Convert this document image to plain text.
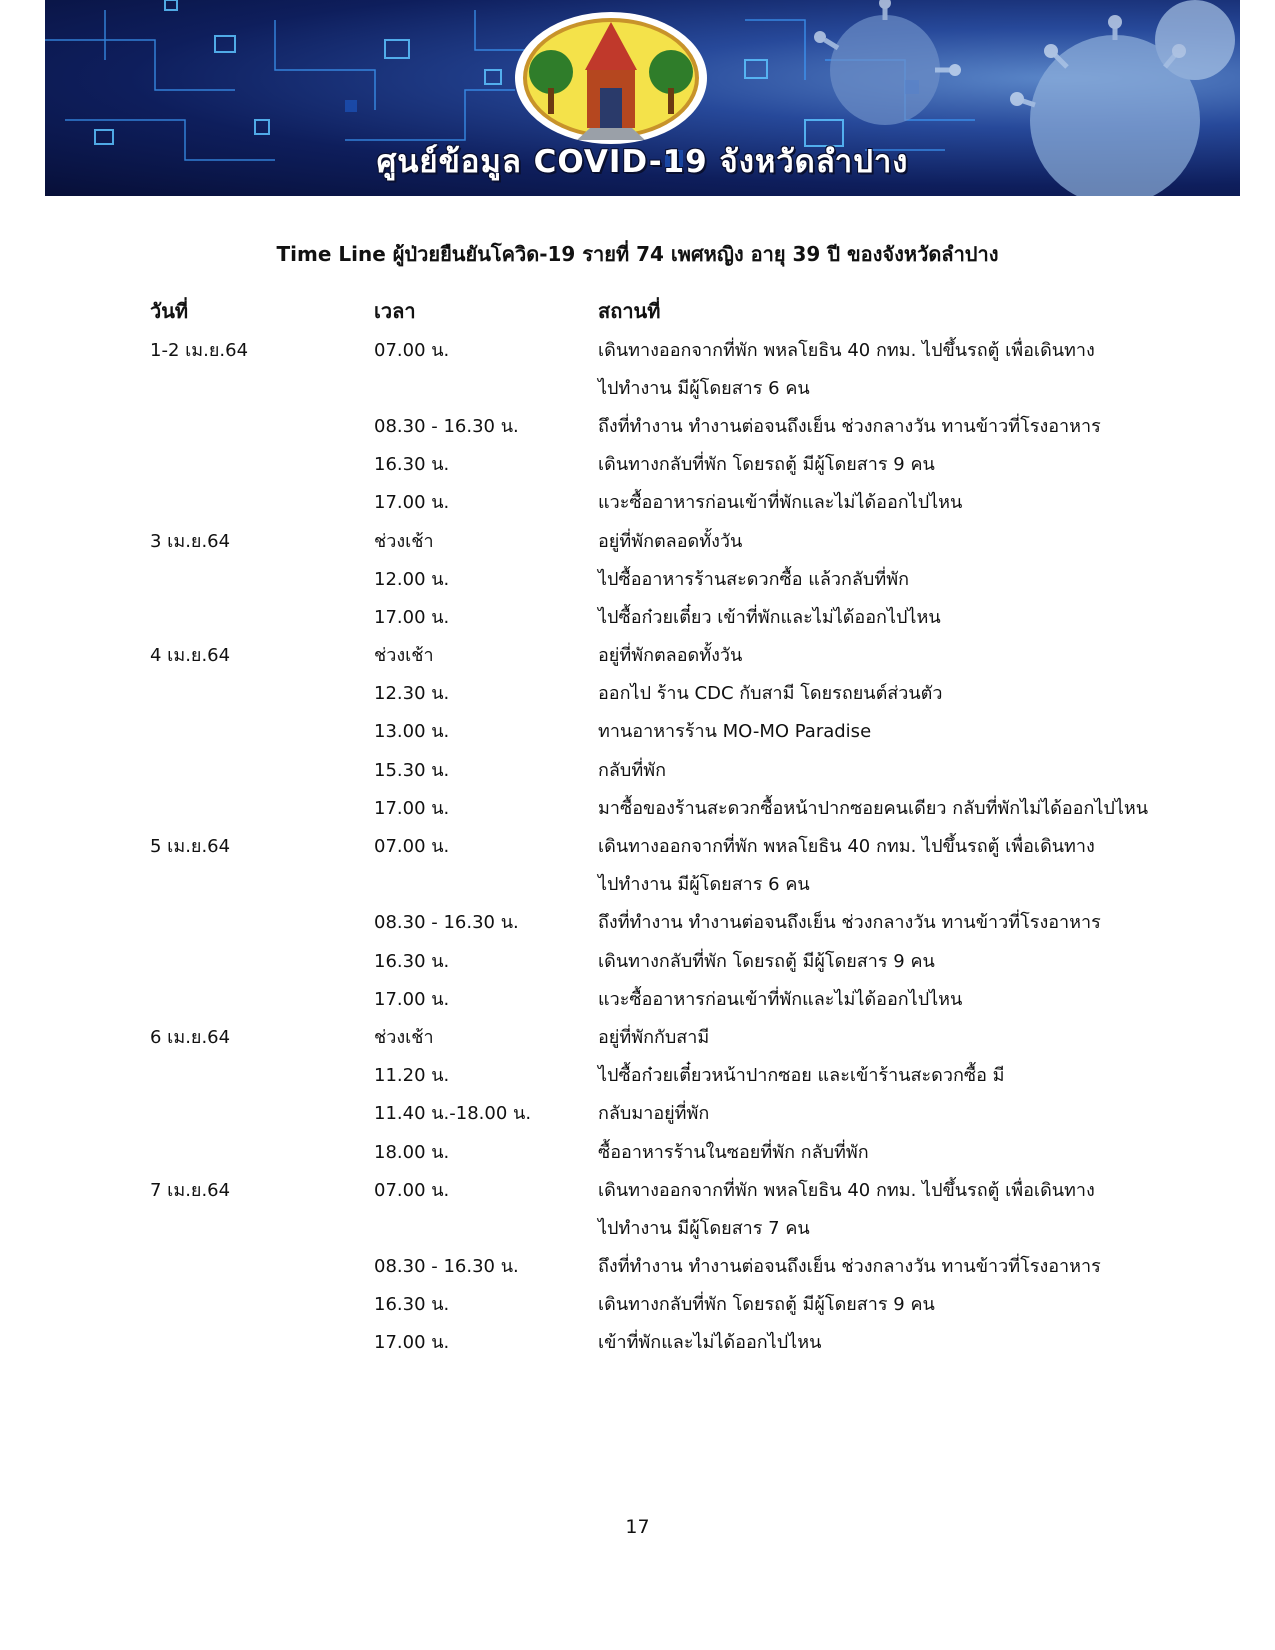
ศูนย์ข้อมูล COVID-19 จังหวัดลำปาง
Time Line ผู้ป่วยยืนยันโควิด-19 รายที่ 74 เพศหญิง อายุ 39 ปี ของจังหวัดลำปาง
วันที่	เวลา	สถานที่
1-2 เม.ย.64	07.00 น.	เดินทางออกจากที่พัก พหลโยธิน 40 กทม. ไปขึ้นรถตู้ เพื่อเดินทาง
ไปทำงาน มีผู้โดยสาร 6 คน
08.30 - 16.30 น.	ถึงที่ทำงาน ทำงานต่อจนถึงเย็น ช่วงกลางวัน ทานข้าวที่โรงอาหาร
16.30 น.	เดินทางกลับที่พัก โดยรถตู้ มีผู้โดยสาร 9 คน
17.00 น.	แวะซื้ออาหารก่อนเข้าที่พักและไม่ได้ออกไปไหน
3 เม.ย.64	ช่วงเช้า	อยู่ที่พักตลอดทั้งวัน
12.00 น.	ไปซื้ออาหารร้านสะดวกซื้อ แล้วกลับที่พัก
17.00 น.	ไปซื้อก๋วยเตี๋ยว เข้าที่พักและไม่ได้ออกไปไหน
4 เม.ย.64	ช่วงเช้า	อยู่ที่พักตลอดทั้งวัน
12.30 น.	ออกไป ร้าน CDC กับสามี โดยรถยนต์ส่วนตัว
13.00 น.	ทานอาหารร้าน MO-MO Paradise
15.30 น.	กลับที่พัก
17.00 น.	มาซื้อของร้านสะดวกซื้อหน้าปากซอยคนเดียว กลับที่พักไม่ได้ออกไปไหน
5 เม.ย.64	07.00 น.	เดินทางออกจากที่พัก พหลโยธิน 40 กทม. ไปขึ้นรถตู้ เพื่อเดินทาง
ไปทำงาน มีผู้โดยสาร 6 คน
08.30 - 16.30 น.	ถึงที่ทำงาน ทำงานต่อจนถึงเย็น ช่วงกลางวัน ทานข้าวที่โรงอาหาร
16.30 น.	เดินทางกลับที่พัก โดยรถตู้ มีผู้โดยสาร 9 คน
17.00 น.	แวะซื้ออาหารก่อนเข้าที่พักและไม่ได้ออกไปไหน
6 เม.ย.64	ช่วงเช้า	อยู่ที่พักกับสามี
11.20 น.	ไปซื้อก๋วยเตี๋ยวหน้าปากซอย และเข้าร้านสะดวกซื้อ มี
11.40 น.-18.00 น.	กลับมาอยู่ที่พัก
18.00 น.	ซื้ออาหารร้านในซอยที่พัก กลับที่พัก
7 เม.ย.64	07.00 น.	เดินทางออกจากที่พัก พหลโยธิน 40 กทม. ไปขึ้นรถตู้ เพื่อเดินทาง
ไปทำงาน มีผู้โดยสาร 7 คน
08.30 - 16.30 น.	ถึงที่ทำงาน ทำงานต่อจนถึงเย็น ช่วงกลางวัน ทานข้าวที่โรงอาหาร
16.30 น.	เดินทางกลับที่พัก โดยรถตู้ มีผู้โดยสาร 9 คน
17.00 น.	เข้าที่พักและไม่ได้ออกไปไหน
17
